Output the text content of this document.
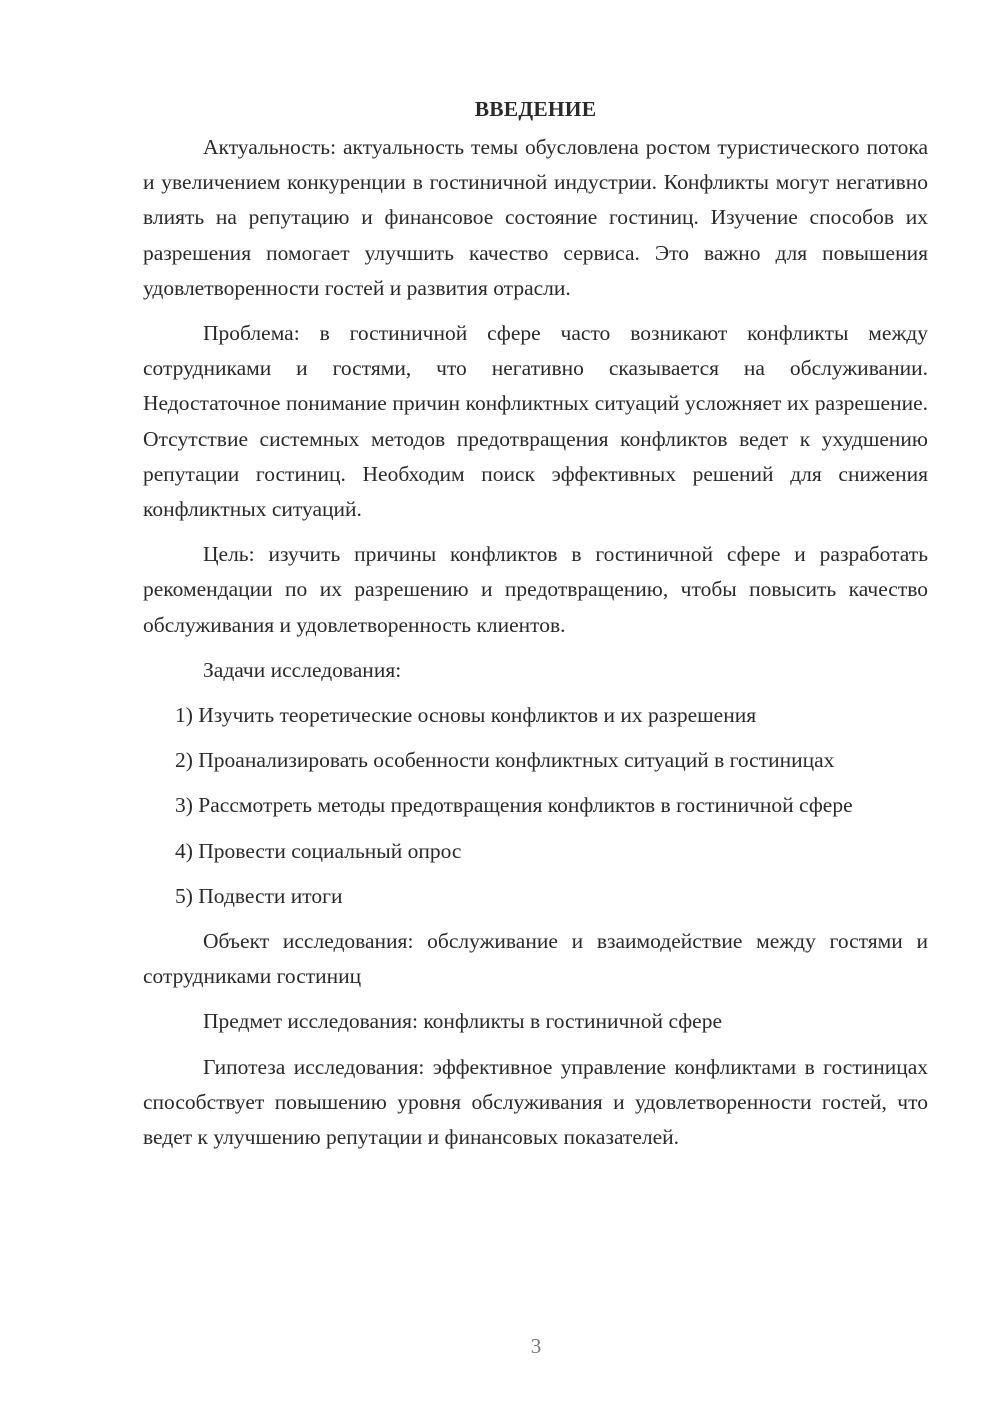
ВВЕДЕНИЕ

Актуальность: актуальность темы обусловлена ростом туристического потока и увеличением конкуренции в гостиничной индустрии. Конфликты могут негативно влиять на репутацию и финансовое состояние гостиниц. Изучение способов их разрешения помогает улучшить качество сервиса. Это важно для повышения удовлетворенности гостей и развития отрасли.

Проблема: в гостиничной сфере часто возникают конфликты между сотрудниками и гостями, что негативно сказывается на обслуживании. Недостаточное понимание причин конфликтных ситуаций усложняет их разрешение. Отсутствие системных методов предотвращения конфликтов ведет к ухудшению репутации гостиниц. Необходим поиск эффективных решений для снижения конфликтных ситуаций.

Цель: изучить причины конфликтов в гостиничной сфере и разработать рекомендации по их разрешению и предотвращению, чтобы повысить качество обслуживания и удовлетворенность клиентов.

Задачи исследования:

1) Изучить теоретические основы конфликтов и их разрешения

2) Проанализировать особенности конфликтных ситуаций в гостиницах

3) Рассмотреть методы предотвращения конфликтов в гостиничной сфере

4) Провести социальный опрос

5) Подвести итоги

Объект исследования: обслуживание и взаимодействие между гостями и сотрудниками гостиниц

Предмет исследования: конфликты в гостиничной сфере

Гипотеза исследования: эффективное управление конфликтами в гостиницах способствует повышению уровня обслуживания и удовлетворенности гостей, что ведет к улучшению репутации и финансовых показателей.

3
